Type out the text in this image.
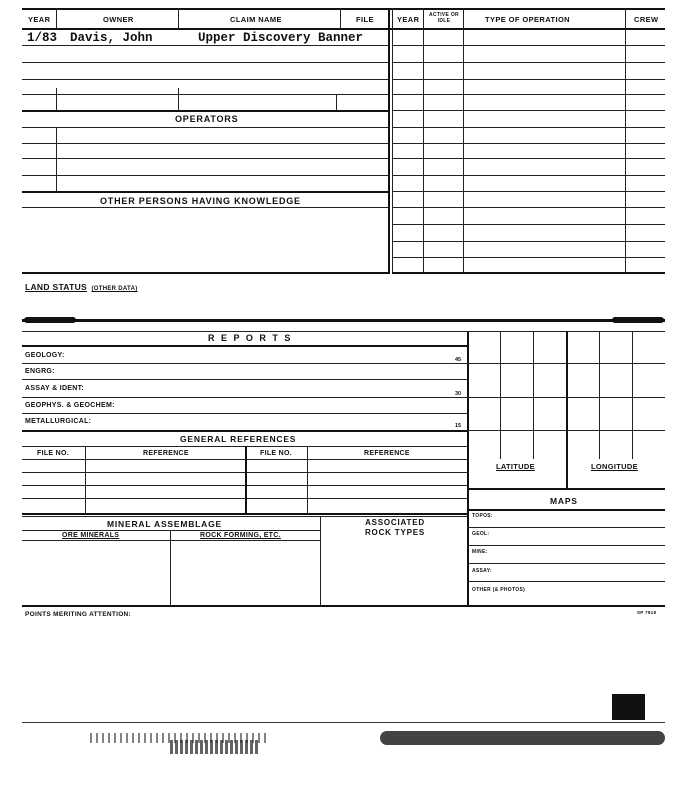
YEAR	OWNER	CLAIM NAME	FILE	YEAR	ACTIVE OR IDLE	TYPE OF OPERATION	CREW
1/83 Davis, John	Upper Discovery Banner
OPERATORS
OTHER PERSONS HAVING KNOWLEDGE
LAND STATUS (OTHER DATA)
R E P O R T S
GEOLOGY:
45
ENGRG:
ASSAY & IDENT:
30
GEOPHYS. & GEOCHEM:
METALLURGICAL:
15
GENERAL REFERENCES
FILE NO.	REFERENCE	FILE NO.	REFERENCE
MINERAL ASSEMBLAGE	ASSOCIATED ROCK TYPES
ORE MINERALS	ROCK FORMING, ETC.
LATITUDE	LONGITUDE
MAPS
TOPOS:
GEOL:
MINE:
ASSAY:
OTHER (& PHOTOS)
POINTS MERITING ATTENTION:	SP 7918
